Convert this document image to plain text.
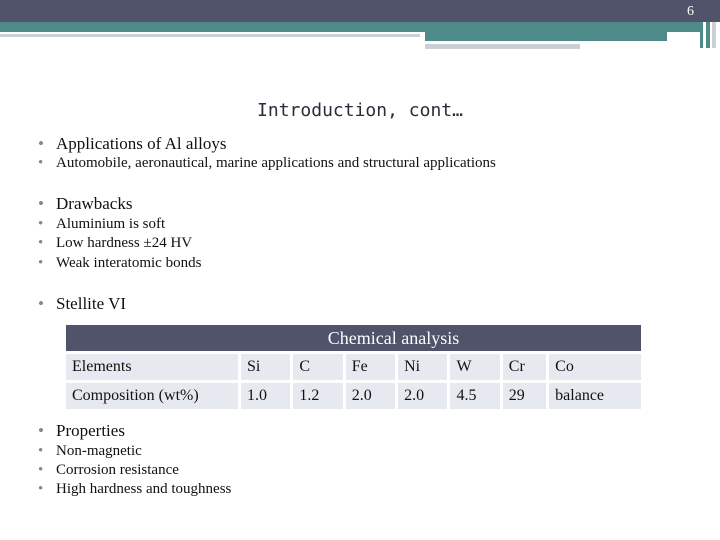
6
Introduction, cont…
• Applications of Al alloys
• Automobile, aeronautical, marine applications and structural applications
• Drawbacks
• Aluminium is soft
• Low hardness ±24 HV
• Weak interatomic bonds
• Stellite VI
Chemical analysis							
Elements	Si	C	Fe	Ni	W	Cr	Co
Composition (wt%)	1.0	1.2	2.0	2.0	4.5	29	balance
• Properties
• Non-magnetic
• Corrosion resistance
• High hardness and toughness
